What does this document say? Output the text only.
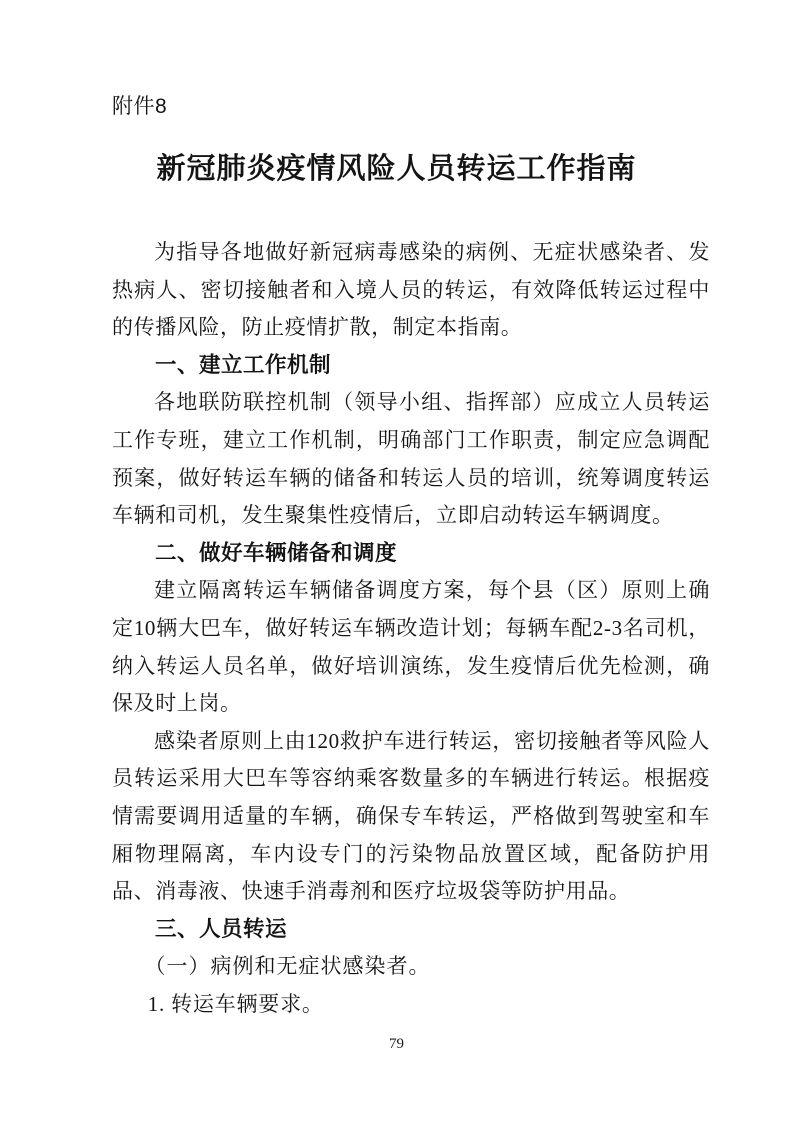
附件8
新冠肺炎疫情风险人员转运工作指南

为指导各地做好新冠病毒感染的病例、无症状感染者、发热病人、密切接触者和入境人员的转运，有效降低转运过程中的传播风险，防止疫情扩散，制定本指南。

一、建立工作机制

各地联防联控机制（领导小组、指挥部）应成立人员转运工作专班，建立工作机制，明确部门工作职责，制定应急调配预案，做好转运车辆的储备和转运人员的培训，统筹调度转运车辆和司机，发生聚集性疫情后，立即启动转运车辆调度。

二、做好车辆储备和调度

建立隔离转运车辆储备调度方案，每个县（区）原则上确定10辆大巴车，做好转运车辆改造计划；每辆车配2-3名司机，纳入转运人员名单，做好培训演练，发生疫情后优先检测，确保及时上岗。

感染者原则上由120救护车进行转运，密切接触者等风险人员转运采用大巴车等容纳乘客数量多的车辆进行转运。根据疫情需要调用适量的车辆，确保专车转运，严格做到驾驶室和车厢物理隔离，车内设专门的污染物品放置区域，配备防护用品、消毒液、快速手消毒剂和医疗垃圾袋等防护用品。

三、人员转运

（一）病例和无症状感染者。

1. 转运车辆要求。

79
